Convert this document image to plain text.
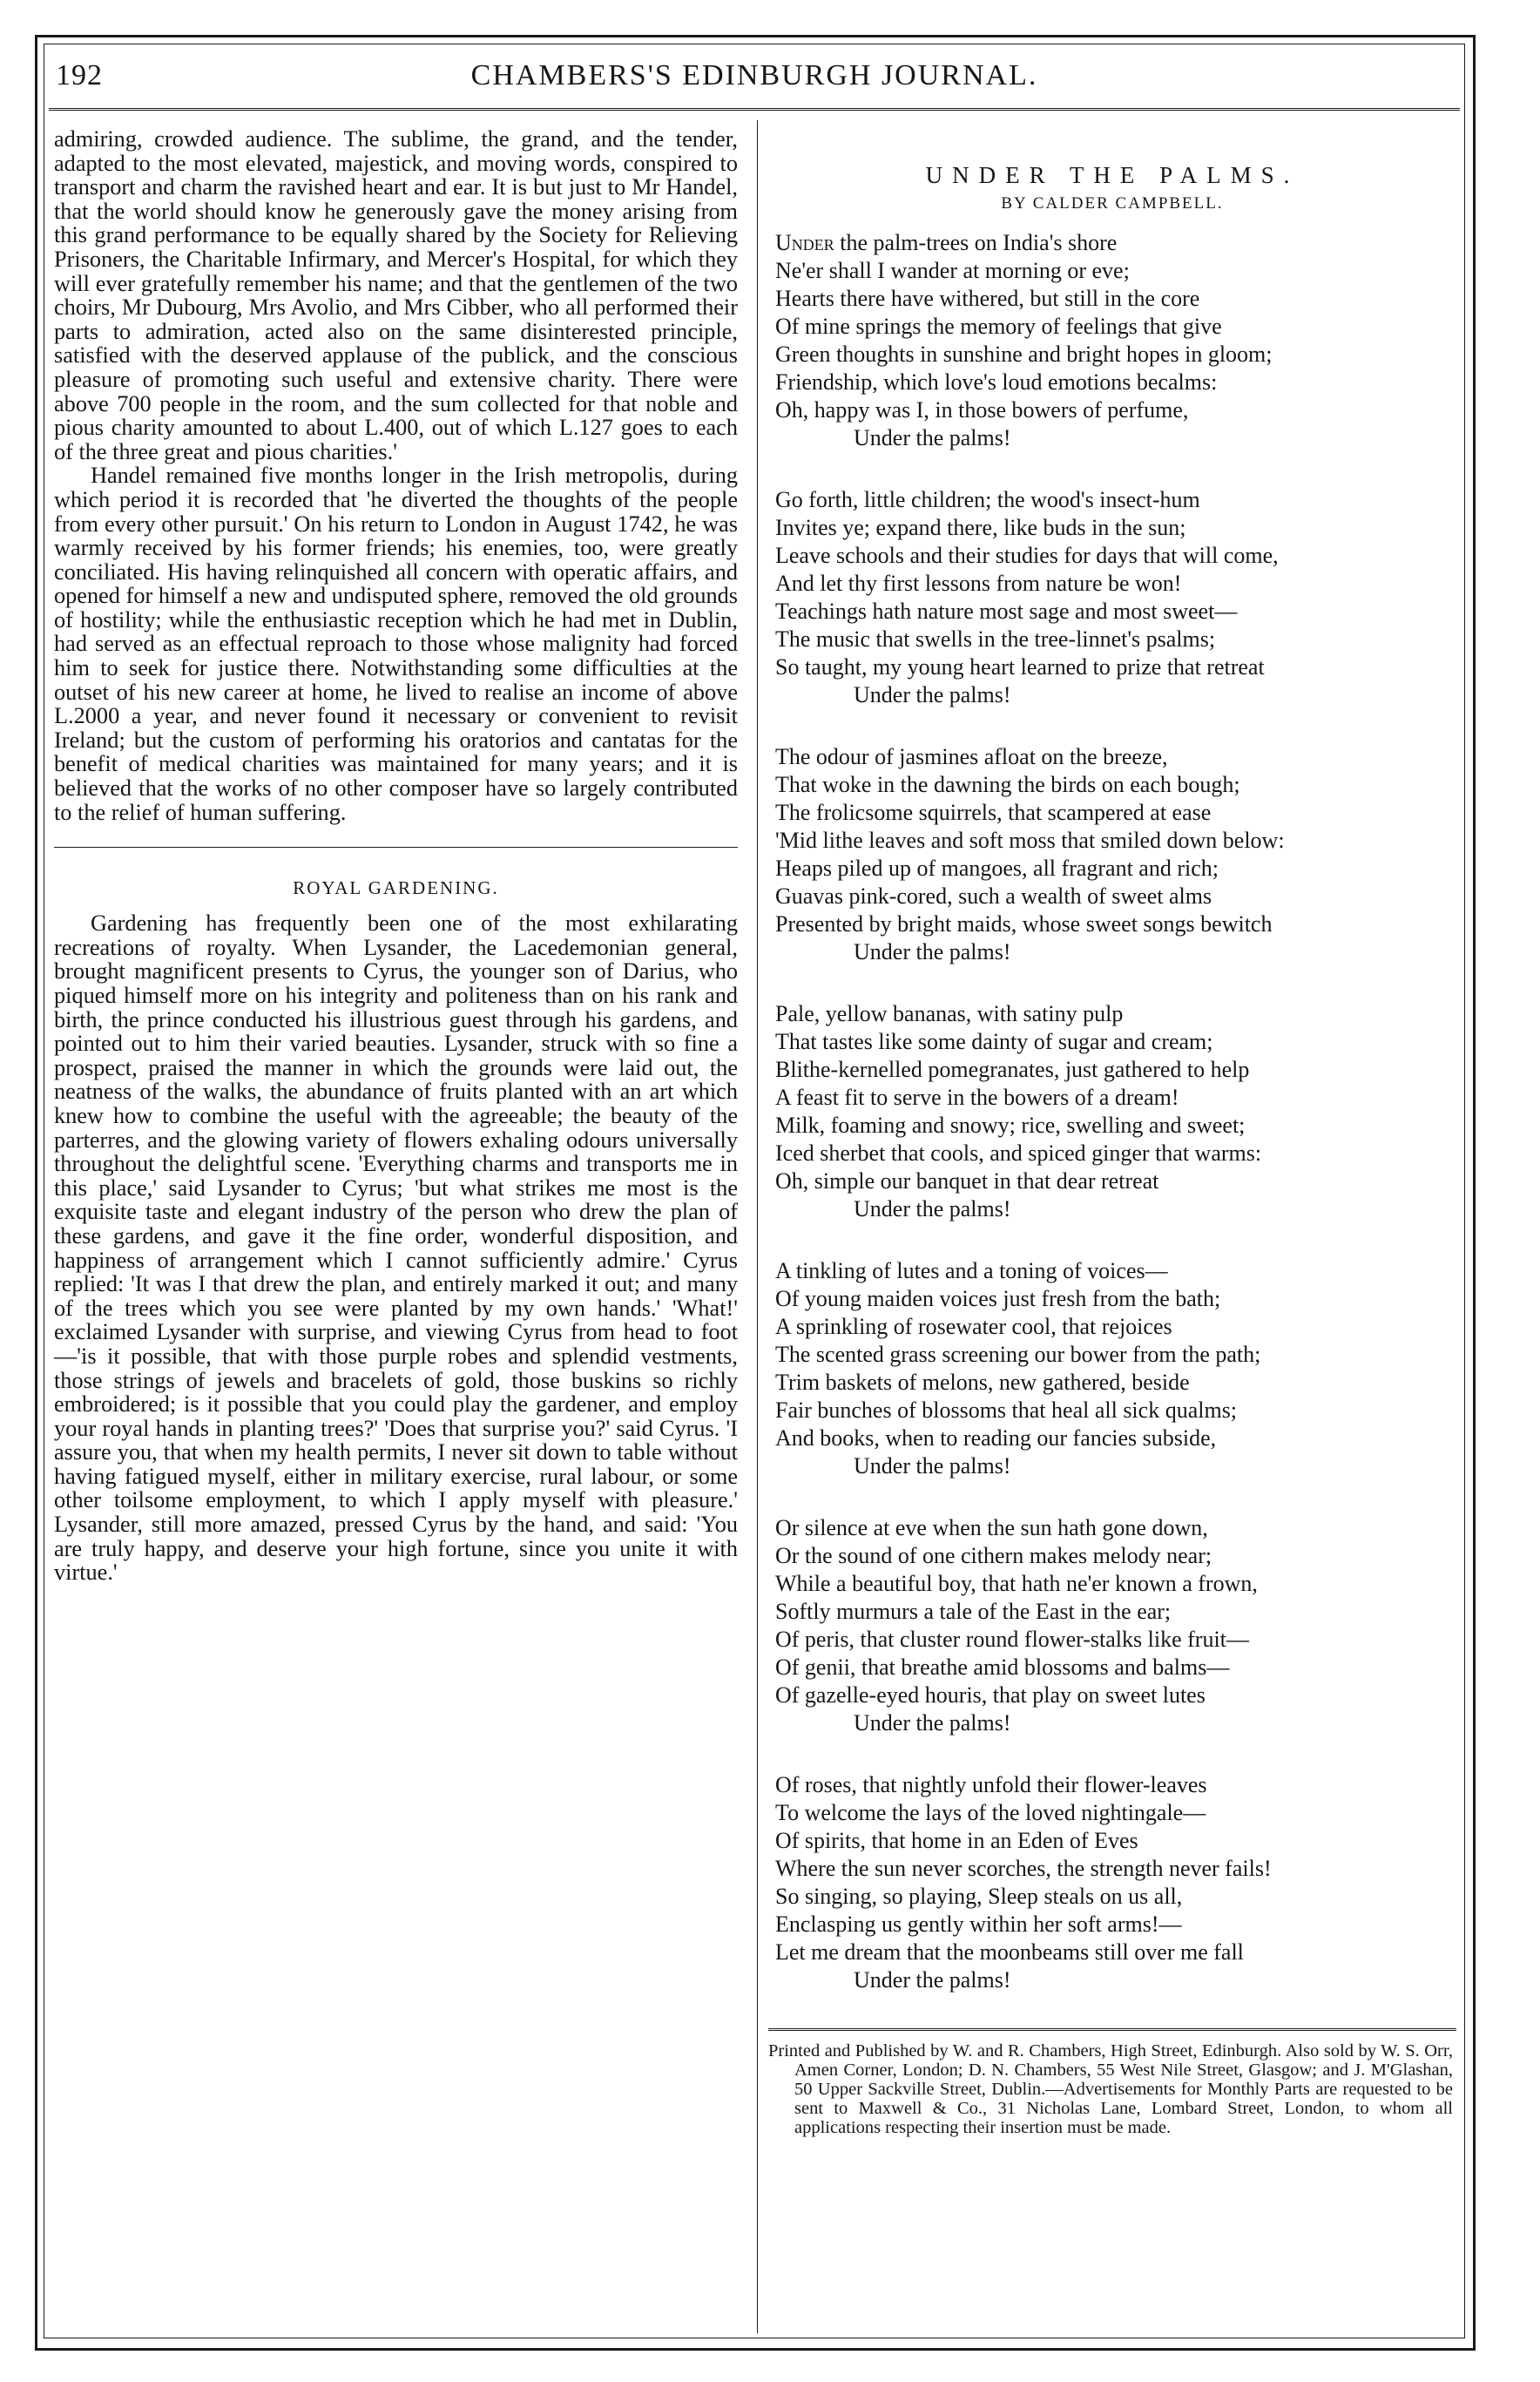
192	CHAMBERS'S EDINBURGH JOURNAL.

admiring, crowded audience. The sublime, the grand, and the tender, adapted to the most elevated, majestick, and moving words, conspired to transport and charm the ravished heart and ear. It is but just to Mr Handel, that the world should know he generously gave the money arising from this grand performance to be equally shared by the Society for Relieving Prisoners, the Charitable Infirmary, and Mercer's Hospital, for which they will ever gratefully remember his name; and that the gentlemen of the two choirs, Mr Dubourg, Mrs Avolio, and Mrs Cibber, who all performed their parts to admiration, acted also on the same disinterested principle, satisfied with the deserved applause of the publick, and the conscious pleasure of promoting such useful and extensive charity. There were above 700 people in the room, and the sum collected for that noble and pious charity amounted to about L.400, out of which L.127 goes to each of the three great and pious charities.'

Handel remained five months longer in the Irish metropolis, during which period it is recorded that 'he diverted the thoughts of the people from every other pursuit.' On his return to London in August 1742, he was warmly received by his former friends; his enemies, too, were greatly conciliated. His having relinquished all concern with operatic affairs, and opened for himself a new and undisputed sphere, removed the old grounds of hostility; while the enthusiastic reception which he had met in Dublin, had served as an effectual reproach to those whose malignity had forced him to seek for justice there. Notwithstanding some difficulties at the outset of his new career at home, he lived to realise an income of above L.2000 a year, and never found it necessary or convenient to revisit Ireland; but the custom of performing his oratorios and cantatas for the benefit of medical charities was maintained for many years; and it is believed that the works of no other composer have so largely contributed to the relief of human suffering.

ROYAL GARDENING.

Gardening has frequently been one of the most exhilarating recreations of royalty. When Lysander, the Lacedemonian general, brought magnificent presents to Cyrus, the younger son of Darius, who piqued himself more on his integrity and politeness than on his rank and birth, the prince conducted his illustrious guest through his gardens, and pointed out to him their varied beauties. Lysander, struck with so fine a prospect, praised the manner in which the grounds were laid out, the neatness of the walks, the abundance of fruits planted with an art which knew how to combine the useful with the agreeable; the beauty of the parterres, and the glowing variety of flowers exhaling odours universally throughout the delightful scene. 'Everything charms and transports me in this place,' said Lysander to Cyrus; 'but what strikes me most is the exquisite taste and elegant industry of the person who drew the plan of these gardens, and gave it the fine order, wonderful disposition, and happiness of arrangement which I cannot sufficiently admire.' Cyrus replied: 'It was I that drew the plan, and entirely marked it out; and many of the trees which you see were planted by my own hands.' 'What!' exclaimed Lysander with surprise, and viewing Cyrus from head to foot—'is it possible, that with those purple robes and splendid vestments, those strings of jewels and bracelets of gold, those buskins so richly embroidered; is it possible that you could play the gardener, and employ your royal hands in planting trees?' 'Does that surprise you?' said Cyrus. 'I assure you, that when my health permits, I never sit down to table without having fatigued myself, either in military exercise, rural labour, or some other toilsome employment, to which I apply myself with pleasure.' Lysander, still more amazed, pressed Cyrus by the hand, and said: 'You are truly happy, and deserve your high fortune, since you unite it with virtue.'

UNDER THE PALMS.
BY CALDER CAMPBELL.
Under the palm-trees on India's shore
Ne'er shall I wander at morning or eve;
Hearts there have withered, but still in the core
Of mine springs the memory of feelings that give
Green thoughts in sunshine and bright hopes in gloom;
Friendship, which love's loud emotions becalms:
Oh, happy was I, in those bowers of perfume,
Under the palms!
Go forth, little children; the wood's insect-hum
Invites ye; expand there, like buds in the sun;
Leave schools and their studies for days that will come,
And let thy first lessons from nature be won!
Teachings hath nature most sage and most sweet—
The music that swells in the tree-linnet's psalms;
So taught, my young heart learned to prize that retreat
Under the palms!
The odour of jasmines afloat on the breeze,
That woke in the dawning the birds on each bough;
The frolicsome squirrels, that scampered at ease
'Mid lithe leaves and soft moss that smiled down below:
Heaps piled up of mangoes, all fragrant and rich;
Guavas pink-cored, such a wealth of sweet alms
Presented by bright maids, whose sweet songs bewitch
Under the palms!
Pale, yellow bananas, with satiny pulp
That tastes like some dainty of sugar and cream;
Blithe-kernelled pomegranates, just gathered to help
A feast fit to serve in the bowers of a dream!
Milk, foaming and snowy; rice, swelling and sweet;
Iced sherbet that cools, and spiced ginger that warms:
Oh, simple our banquet in that dear retreat
Under the palms!
A tinkling of lutes and a toning of voices—
Of young maiden voices just fresh from the bath;
A sprinkling of rosewater cool, that rejoices
The scented grass screening our bower from the path;
Trim baskets of melons, new gathered, beside
Fair bunches of blossoms that heal all sick qualms;
And books, when to reading our fancies subside,
Under the palms!
Or silence at eve when the sun hath gone down,
Or the sound of one cithern makes melody near;
While a beautiful boy, that hath ne'er known a frown,
Softly murmurs a tale of the East in the ear;
Of peris, that cluster round flower-stalks like fruit—
Of genii, that breathe amid blossoms and balms—
Of gazelle-eyed houris, that play on sweet lutes
Under the palms!
Of roses, that nightly unfold their flower-leaves
To welcome the lays of the loved nightingale—
Of spirits, that home in an Eden of Eves
Where the sun never scorches, the strength never fails!
So singing, so playing, Sleep steals on us all,
Enclasping us gently within her soft arms!—
Let me dream that the moonbeams still over me fall
Under the palms!

Printed and Published by W. and R. Chambers, High Street, Edinburgh. Also sold by W. S. Orr, Amen Corner, London; D. N. Chambers, 55 West Nile Street, Glasgow; and J. M'Glashan, 50 Upper Sackville Street, Dublin.—Advertisements for Monthly Parts are requested to be sent to Maxwell & Co., 31 Nicholas Lane, Lombard Street, London, to whom all applications respecting their insertion must be made.
